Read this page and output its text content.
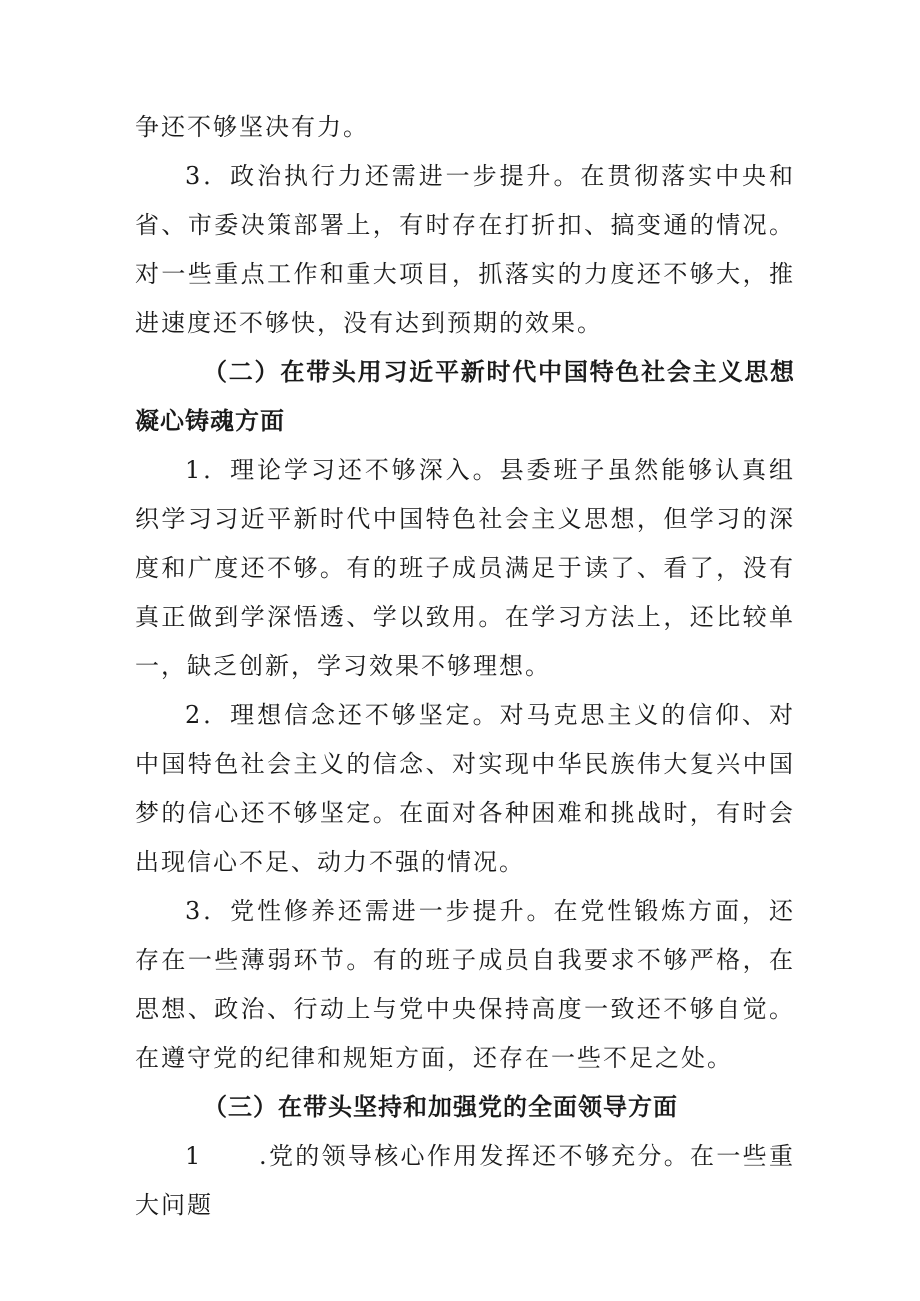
争还不够坚决有力。

3．政治执行力还需进一步提升。在贯彻落实中央和省、市委决策部署上，有时存在打折扣、搞变通的情况。对一些重点工作和重大项目，抓落实的力度还不够大，推进速度还不够快，没有达到预期的效果。

（二）在带头用习近平新时代中国特色社会主义思想凝心铸魂方面

1．理论学习还不够深入。县委班子虽然能够认真组织学习习近平新时代中国特色社会主义思想，但学习的深度和广度还不够。有的班子成员满足于读了、看了，没有真正做到学深悟透、学以致用。在学习方法上，还比较单一，缺乏创新，学习效果不够理想。

2．理想信念还不够坚定。对马克思主义的信仰、对中国特色社会主义的信念、对实现中华民族伟大复兴中国梦的信心还不够坚定。在面对各种困难和挑战时，有时会出现信心不足、动力不强的情况。

3．党性修养还需进一步提升。在党性锻炼方面，还存在一些薄弱环节。有的班子成员自我要求不够严格，在思想、政治、行动上与党中央保持高度一致还不够自觉。在遵守党的纪律和规矩方面，还存在一些不足之处。

（三）在带头坚持和加强党的全面领导方面

1 .党的领导核心作用发挥还不够充分。在一些重大问题
